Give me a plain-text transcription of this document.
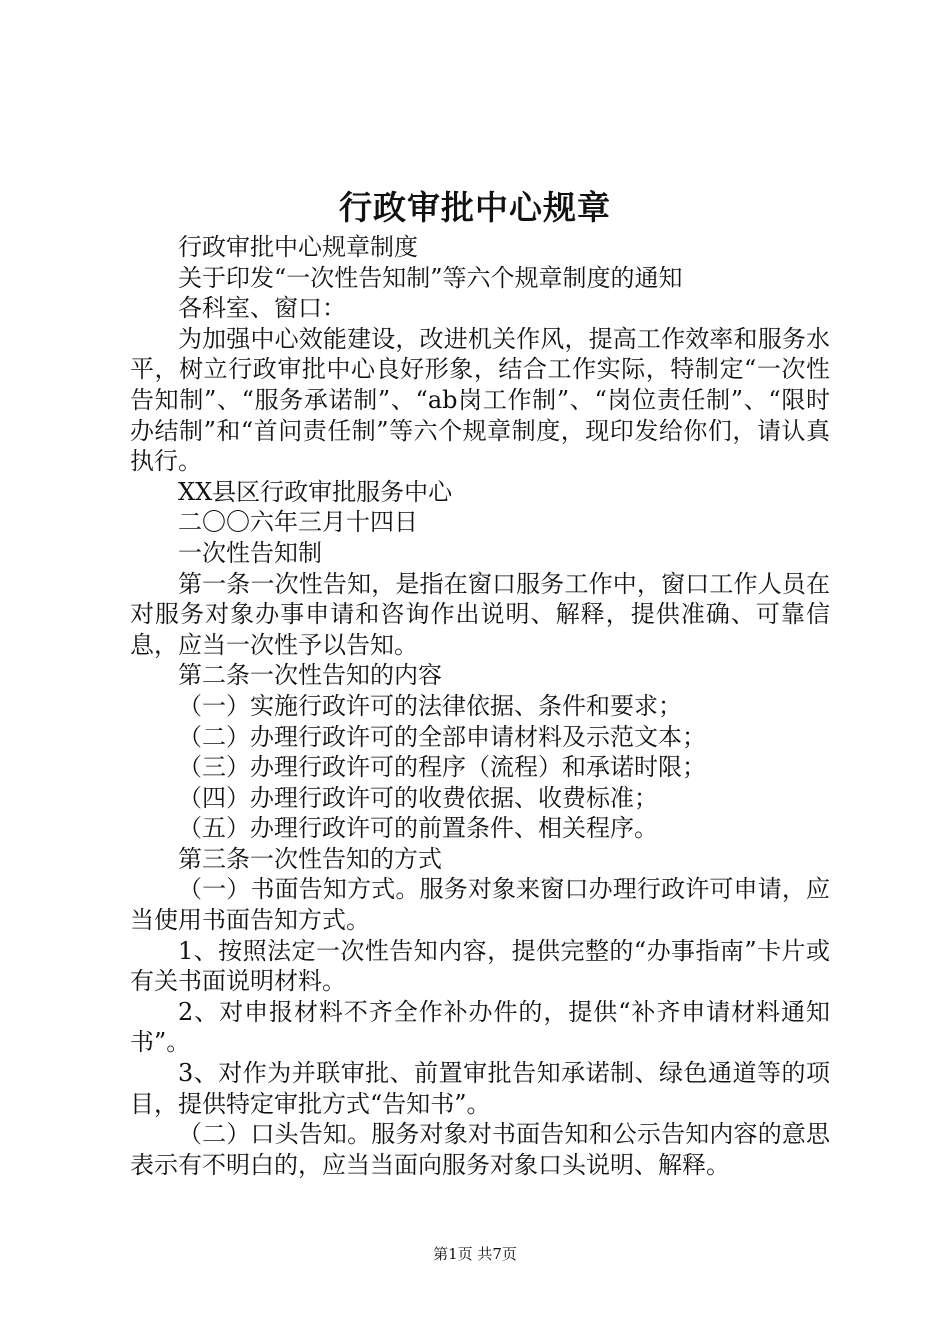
行政审批中心规章

行政审批中心规章制度

关于印发“一次性告知制”等六个规章制度的通知

各科室、窗口：

为加强中心效能建设，改进机关作风，提高工作效率和服务水平，树立行政审批中心良好形象，结合工作实际，特制定“一次性告知制”、“服务承诺制”、“ab岗工作制”、“岗位责任制”、“限时办结制”和“首问责任制”等六个规章制度，现印发给你们，请认真执行。

XX县区行政审批服务中心

二〇〇六年三月十四日

一次性告知制

第一条一次性告知，是指在窗口服务工作中，窗口工作人员在对服务对象办事申请和咨询作出说明、解释，提供准确、可靠信息，应当一次性予以告知。

第二条一次性告知的内容

（一）实施行政许可的法律依据、条件和要求；

（二）办理行政许可的全部申请材料及示范文本；

（三）办理行政许可的程序（流程）和承诺时限；

（四）办理行政许可的收费依据、收费标准；

（五）办理行政许可的前置条件、相关程序。

第三条一次性告知的方式

（一）书面告知方式。服务对象来窗口办理行政许可申请，应当使用书面告知方式。

1、按照法定一次性告知内容，提供完整的“办事指南”卡片或有关书面说明材料。

2、对申报材料不齐全作补办件的，提供“补齐申请材料通知书”。

3、对作为并联审批、前置审批告知承诺制、绿色通道等的项目，提供特定审批方式“告知书”。

（二）口头告知。服务对象对书面告知和公示告知内容的意思表示有不明白的，应当当面向服务对象口头说明、解释。

第1页 共7页
